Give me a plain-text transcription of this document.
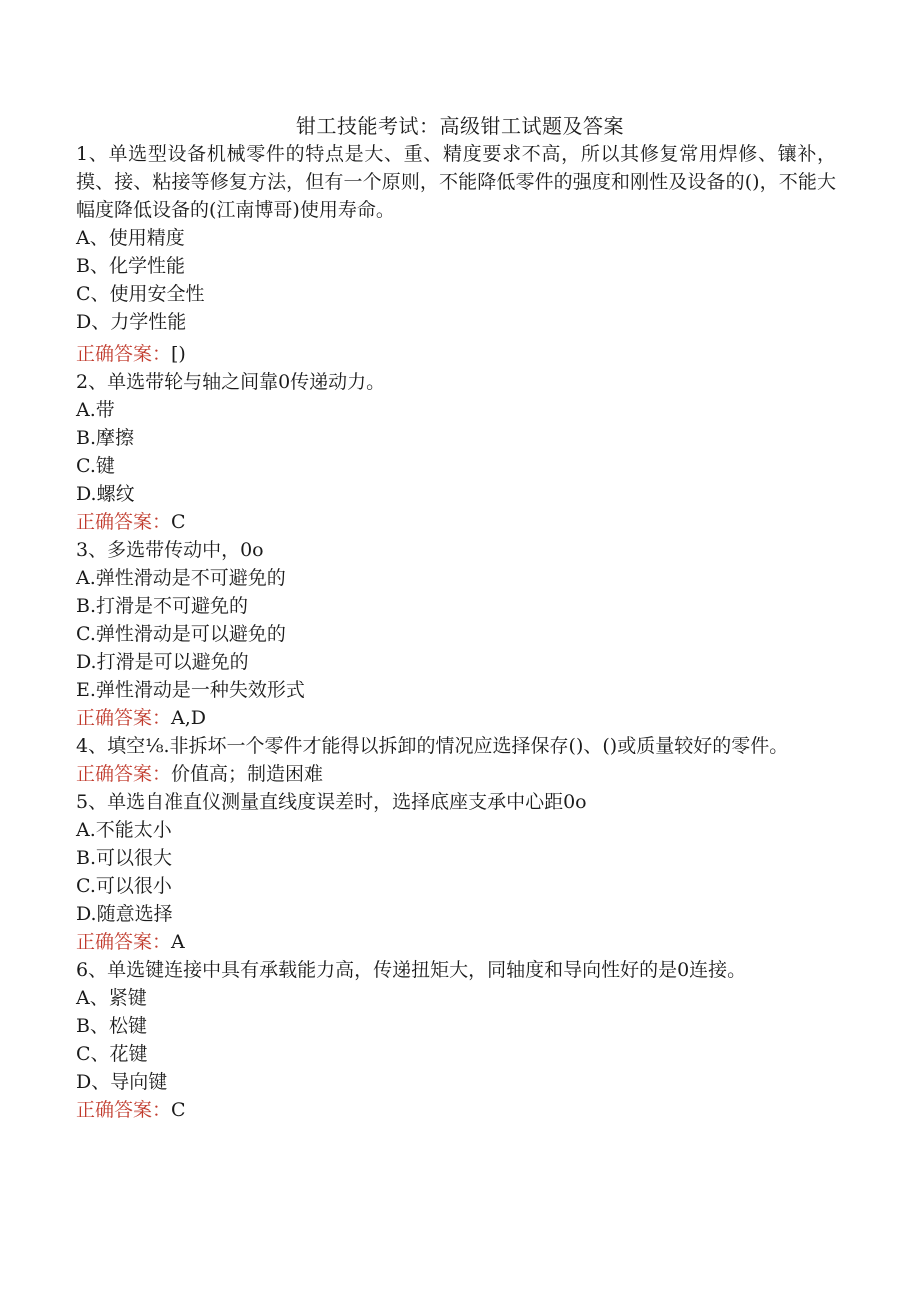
钳工技能考试：高级钳工试题及答案
1、单选型设备机械零件的特点是大、重、精度要求不高，所以其修复常用焊修、镶补，摸、接、粘接等修复方法，但有一个原则，不能降低零件的强度和刚性及设备的()，不能大幅度降低设备的(江南博哥)使用寿命。
A、使用精度
B、化学性能
C、使用安全性
D、力学性能
正确答案：[)
2、单选带轮与轴之间靠0传递动力。
A.带
B.摩擦
C.键
D.螺纹
正确答案：C
3、多选带传动中，0o
A.弹性滑动是不可避免的
B.打滑是不可避免的
C.弹性滑动是可以避免的
D.打滑是可以避免的
E.弹性滑动是一种失效形式
正确答案：A,D
4、填空⅛.非拆坏一个零件才能得以拆卸的情况应选择保存()、()或质量较好的零件。
正确答案：价值高；制造困难
5、单选自准直仪测量直线度误差时，选择底座支承中心距0o
A.不能太小
B.可以很大
C.可以很小
D.随意选择
正确答案：A
6、单选键连接中具有承载能力高，传递扭矩大，同轴度和导向性好的是0连接。
A、紧键
B、松键
C、花键
D、导向键
正确答案：C
